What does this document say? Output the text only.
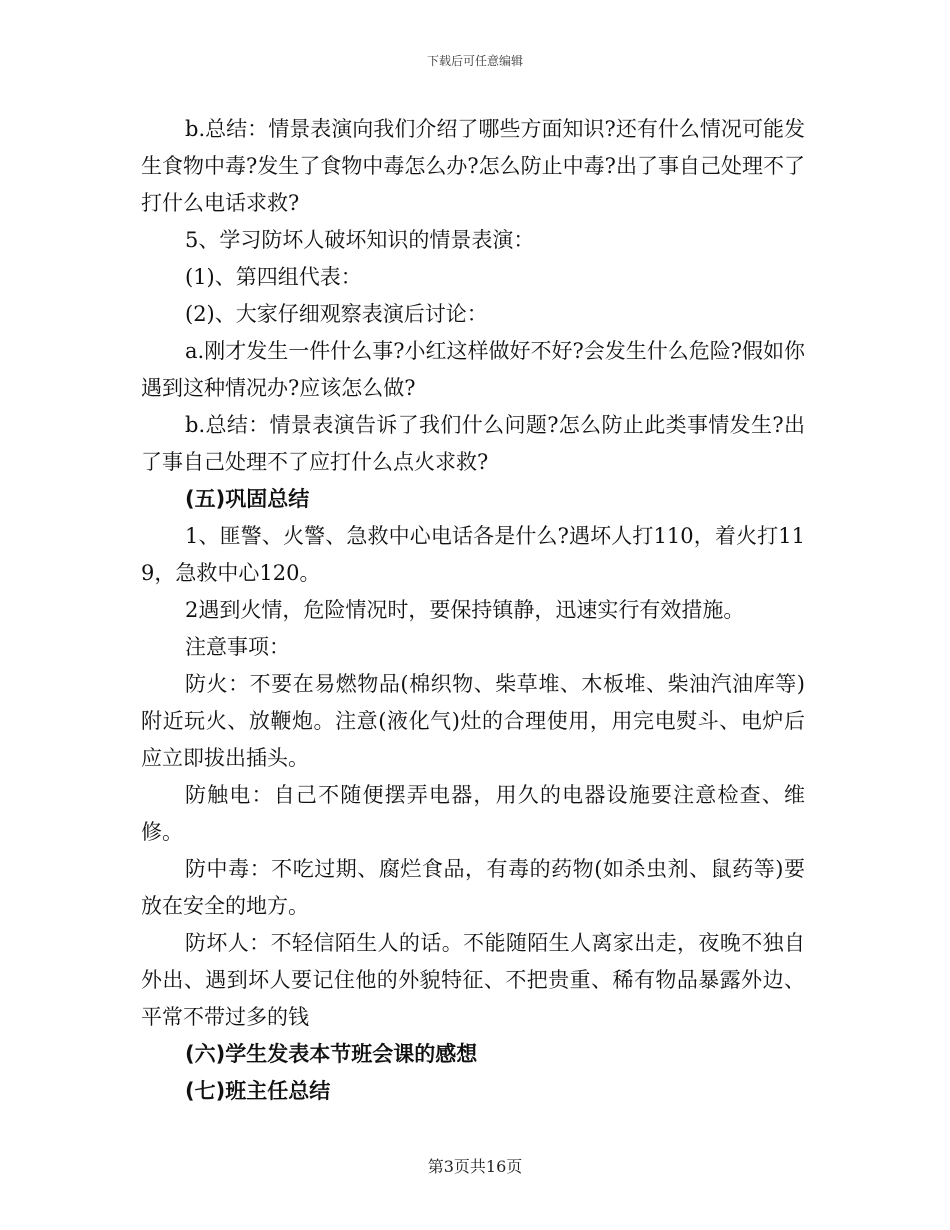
下载后可任意编辑

b.总结：情景表演向我们介绍了哪些方面知识?还有什么情况可能发生食物中毒?发生了食物中毒怎么办?怎么防止中毒?出了事自己处理不了打什么电话求救?

5、学习防坏人破坏知识的情景表演：

(1)、第四组代表：

(2)、大家仔细观察表演后讨论：

a.刚才发生一件什么事?小红这样做好不好?会发生什么危险?假如你遇到这种情况办?应该怎么做?

b.总结：情景表演告诉了我们什么问题?怎么防止此类事情发生?出了事自己处理不了应打什么点火求救?

(五)巩固总结

1、匪警、火警、急救中心电话各是什么?遇坏人打110，着火打119，急救中心120。

2遇到火情，危险情况时，要保持镇静，迅速实行有效措施。

注意事项：

防火：不要在易燃物品(棉织物、柴草堆、木板堆、柴油汽油库等)附近玩火、放鞭炮。注意(液化气)灶的合理使用，用完电熨斗、电炉后应立即拔出插头。

防触电：自己不随便摆弄电器，用久的电器设施要注意检查、维修。

防中毒：不吃过期、腐烂食品，有毒的药物(如杀虫剂、鼠药等)要放在安全的地方。

防坏人：不轻信陌生人的话。不能随陌生人离家出走，夜晚不独自外出、遇到坏人要记住他的外貌特征、不把贵重、稀有物品暴露外边、平常不带过多的钱

(六)学生发表本节班会课的感想

(七)班主任总结

第3页共16页
